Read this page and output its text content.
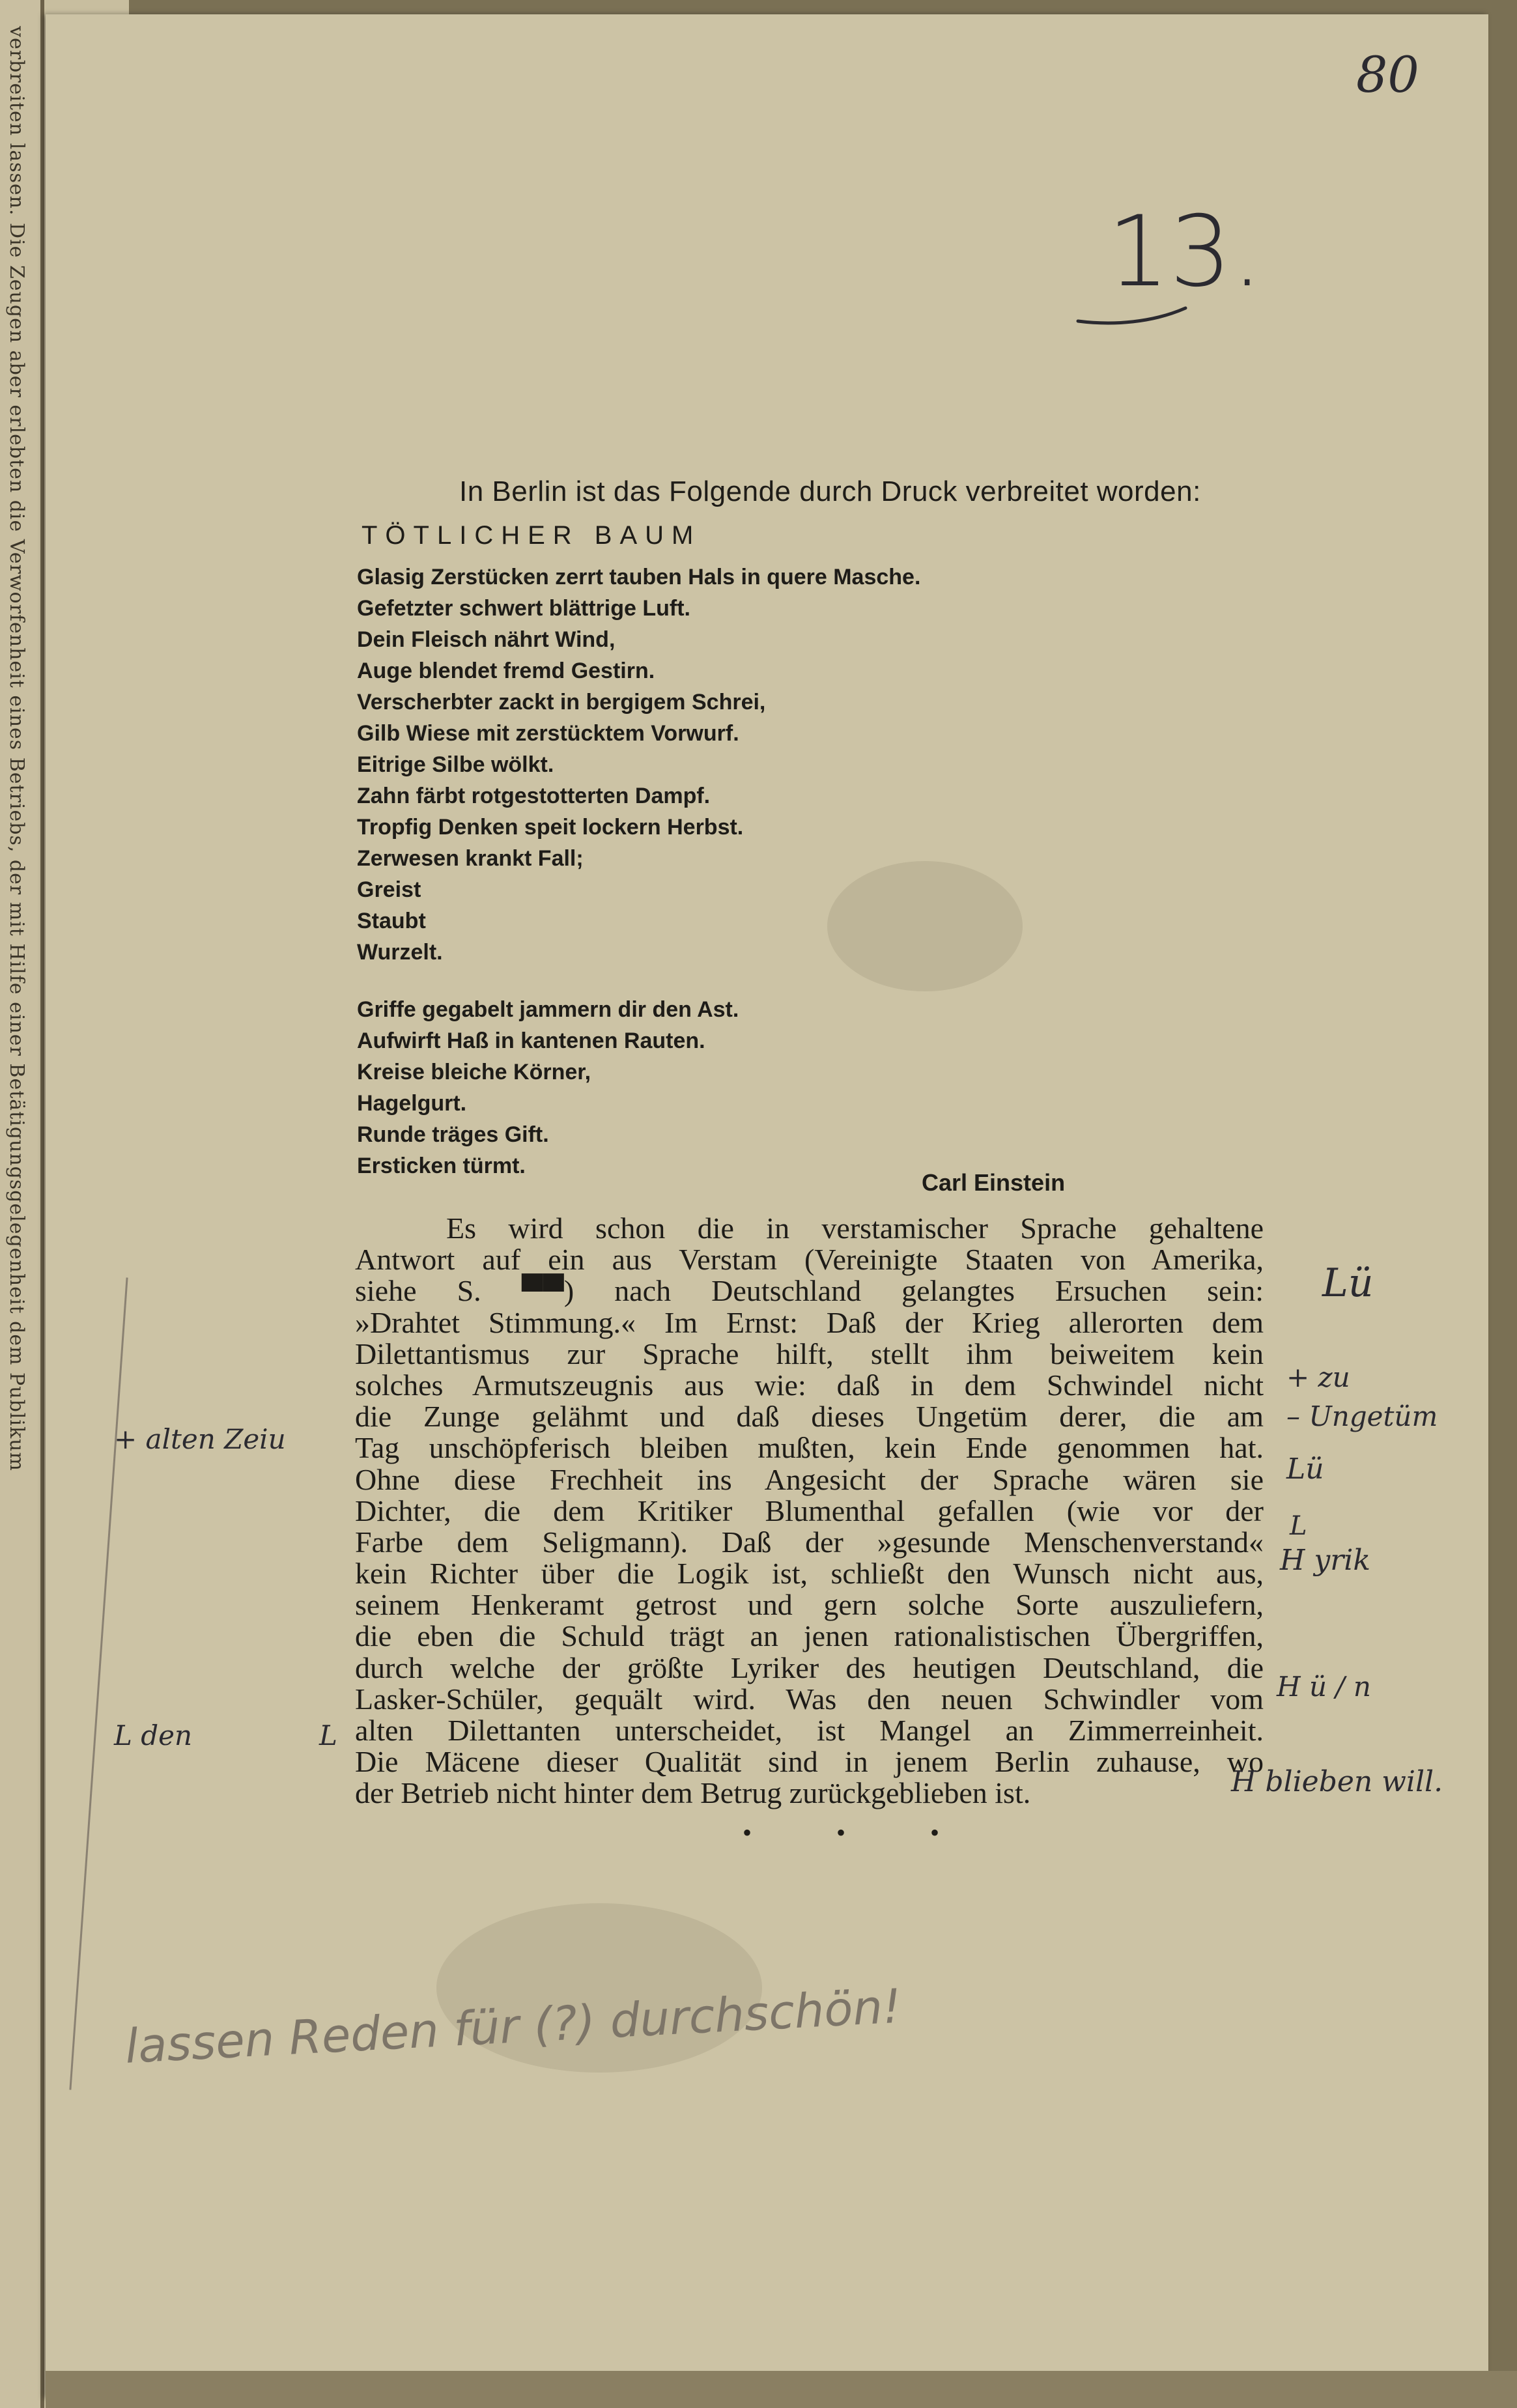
verbreiten lassen. Die Zeugen aber erlebten die Verworfenheit eines Betriebs, der mit Hilfe einer Betätigungsgelegenheit dem Publikum	80
13.
In Berlin ist das Folgende durch Druck verbreitet worden:
TÖTLICHER BAUM
Glasig Zerstücken zerrt tauben Hals in quere Masche.
Gefetzter schwert blättrige Luft.
Dein Fleisch nährt Wind,
Auge blendet fremd Gestirn.
Verscherbter zackt in bergigem Schrei,
Gilb Wiese mit zerstücktem Vorwurf.
Eitrige Silbe wölkt.
Zahn färbt rotgestotterten Dampf.
Tropfig Denken speit lockern Herbst.
Zerwesen krankt Fall;
Greist
Staubt
Wurzelt.
Griffe gegabelt jammern dir den Ast.
Aufwirft Haß in kantenen Rauten.
Kreise bleiche Körner,
Hagelgurt.
Runde träges Gift.
Ersticken türmt.
Carl Einstein
Es wird schon die in verstamischer Sprache gehaltene
Antwort auf ein aus Verstam (Vereinigte Staaten von Amerika,
siehe S. ▀▀) nach Deutschland gelangtes Ersuchen sein:
»Drahtet Stimmung.« Im Ernst: Daß der Krieg allerorten dem
Dilettantismus zur Sprache hilft, stellt ihm beiweitem kein
solches Armutszeugnis aus wie: daß in dem Schwindel nicht
die Zunge gelähmt und daß dieses Ungetüm derer, die am
Tag unschöpferisch bleiben mußten, kein Ende genommen hat.
Ohne diese Frechheit ins Angesicht der Sprache wären sie
Dichter, die dem Kritiker Blumenthal gefallen (wie vor der
Farbe dem Seligmann). Daß der »gesunde Menschenverstand«
kein Richter über die Logik ist, schließt den Wunsch nicht aus,
seinem Henkeramt getrost und gern solche Sorte auszuliefern,
die eben die Schuld trägt an jenen rationalistischen Übergriffen,
durch welche der größte Lyriker des heutigen Deutschland, die
Lasker-Schüler, gequält wird. Was den neuen Schwindler vom
alten Dilettanten unterscheidet, ist Mangel an Zimmerreinheit.
Die Mäcene dieser Qualität sind in jenem Berlin zuhause, wo
der Betrieb nicht hinter dem Betrug zurückgeblieben ist.
• • •
Lü
+ zu
– Ungetüm
Lü
L
H yrik
H ü / n
H blieben will.
+ alten Zeiu
L den	L
lassen Reden für (?) durchschön!
